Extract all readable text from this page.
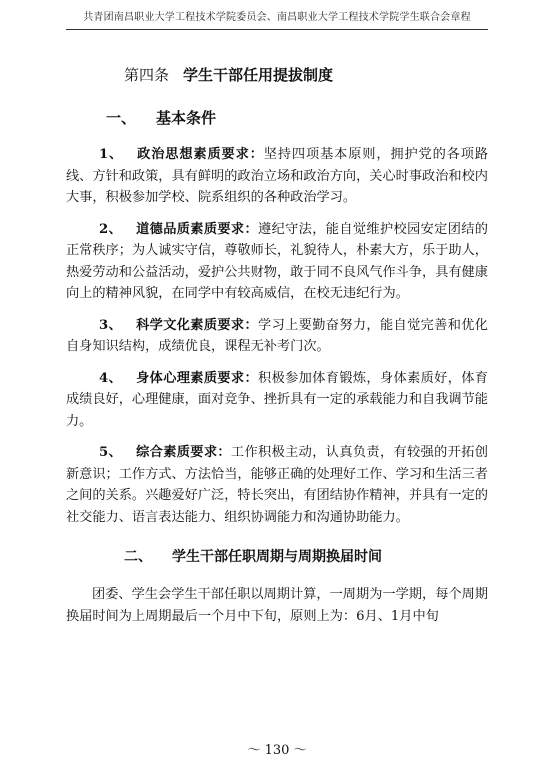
共青团南昌职业大学工程技术学院委员会、南昌职业大学工程技术学院学生联合会章程
第四条 学生干部任用提拔制度
一、 基本条件

1、 政治思想素质要求：坚持四项基本原则，拥护党的各项路线、方针和政策，具有鲜明的政治立场和政治方向，关心时事政治和校内大事，积极参加学校、院系组织的各种政治学习。

2、 道德品质素质要求：遵纪守法，能自觉维护校园安定团结的正常秩序；为人诚实守信，尊敬师长，礼貌待人，朴素大方，乐于助人，热爱劳动和公益活动，爱护公共财物，敢于同不良风气作斗争，具有健康向上的精神风貌，在同学中有较高威信，在校无违纪行为。

3、 科学文化素质要求：学习上要勤奋努力，能自觉完善和优化自身知识结构，成绩优良，课程无补考门次。

4、 身体心理素质要求：积极参加体育锻炼，身体素质好，体育成绩良好，心理健康，面对竞争、挫折具有一定的承载能力和自我调节能力。

5、 综合素质要求：工作积极主动，认真负责，有较强的开拓创新意识；工作方式、方法恰当，能够正确的处理好工作、学习和生活三者之间的关系。兴趣爱好广泛，特长突出，有团结协作精神，并具有一定的社交能力、语言表达能力、组织协调能力和沟通协助能力。

二、 学生干部任职周期与周期换届时间

团委、学生会学生干部任职以周期计算，一周期为一学期，每个周期换届时间为上周期最后一个月中下旬，原则上为：6月、1月中旬

～ 130 ～
